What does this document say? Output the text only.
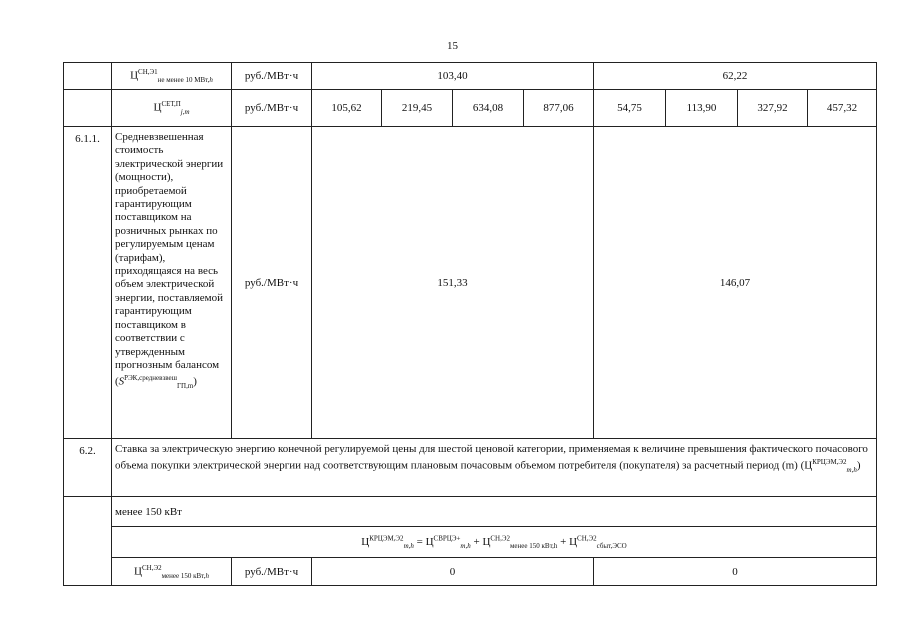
15
	$Ц^{СН,Э1}_{не менее 10 МВт,h}$	руб./МВт·ч	103,40				62,22			
	$Ц^{СЕТ,П}_{j,m}$	руб./МВт·ч	105,62	219,45	634,08	877,06	54,75	113,90	327,92	457,32
6.1.1.	Средневзвешенная стоимость электрической энергии (мощности), приобретаемой гарантирующим поставщиком на розничных рынках по регулируемым ценам (тарифам), приходящаяся на весь объем электрической энергии, поставляемой гарантирующим поставщиком в соответствии с утвержденным прогнозным балансом $(S^{РЭК,средневзвеш}_{ГП,m})$	руб./МВт·ч	151,33				146,07			
6.2.	Ставка за электрическую энергию конечной регулируемой цены для шестой ценовой категории, применяемая к величине превышения фактического почасового объема покупки электрической энергии над соответствующим плановым почасовым объемом потребителя (покупателя) за расчетный период (m) $(Ц^{КРЦЭМ,Э2}_{m,h})$									
	менее 150 кВт									
	$Ц^{КРЦЭМ,Э2}_{m,h} = Ц^{СВРЦЭ+}_{m,h} + Ц^{СН,Э2}_{менее 150 кВт,h} + Ц^{СН,Э2}_{сбыт,ЭСО}$
	$Ц^{СН,Э2}_{менее 150 кВт,h}$	руб./МВт·ч	0				0			
